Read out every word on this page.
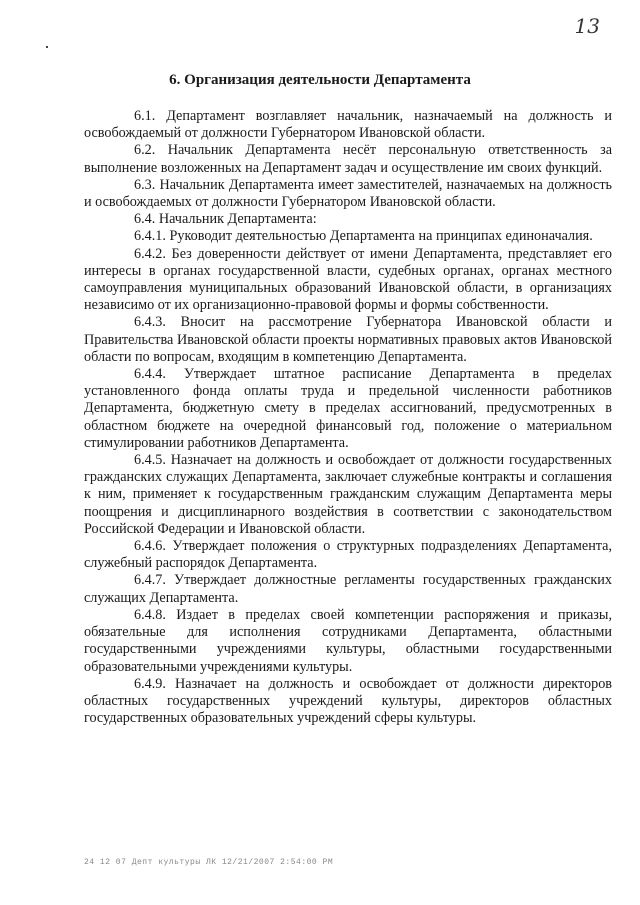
13
6. Организация деятельности Департамента

6.1. Департамент возглавляет начальник, назначаемый на должность и освобождаемый от должности Губернатором Ивановской области.

6.2. Начальник Департамента несёт персональную ответственность за выполнение возложенных на Департамент задач и осуществление им своих функций.

6.3. Начальник Департамента имеет заместителей, назначаемых на должность и освобождаемых от должности Губернатором Ивановской области.

6.4. Начальник Департамента:

6.4.1. Руководит деятельностью Департамента на принципах единоначалия.

6.4.2. Без доверенности действует от имени Департамента, представляет его интересы в органах государственной власти, судебных органах, органах местного самоуправления муниципальных образований Ивановской области, в организациях независимо от их организационно-правовой формы и формы собственности.

6.4.3. Вносит на рассмотрение Губернатора Ивановской области и Правительства Ивановской области проекты нормативных правовых актов Ивановской области по вопросам, входящим в компетенцию Департамента.

6.4.4. Утверждает штатное расписание Департамента в пределах установленного фонда оплаты труда и предельной численности работников Департамента, бюджетную смету в пределах ассигнований, предусмотренных в областном бюджете на очередной финансовый год, положение о материальном стимулировании работников Департамента.

6.4.5. Назначает на должность и освобождает от должности государственных гражданских служащих Департамента, заключает служебные контракты и соглашения к ним, применяет к государственным гражданским служащим Департамента меры поощрения и дисциплинарного воздействия в соответствии с законодательством Российской Федерации и Ивановской области.

6.4.6. Утверждает положения о структурных подразделениях Департамента, служебный распорядок Департамента.

6.4.7. Утверждает должностные регламенты государственных гражданских служащих Департамента.

6.4.8. Издает в пределах своей компетенции распоряжения и приказы, обязательные для исполнения сотрудниками Департамента, областными государственными учреждениями культуры, областными государственными образовательными учреждениями культуры.

6.4.9. Назначает на должность и освобождает от должности директоров областных государственных учреждений культуры, директоров областных государственных образовательных учреждений сферы культуры.

24 12 07 Депт культуры ЛК 12/21/2007 2:54:00 PM
